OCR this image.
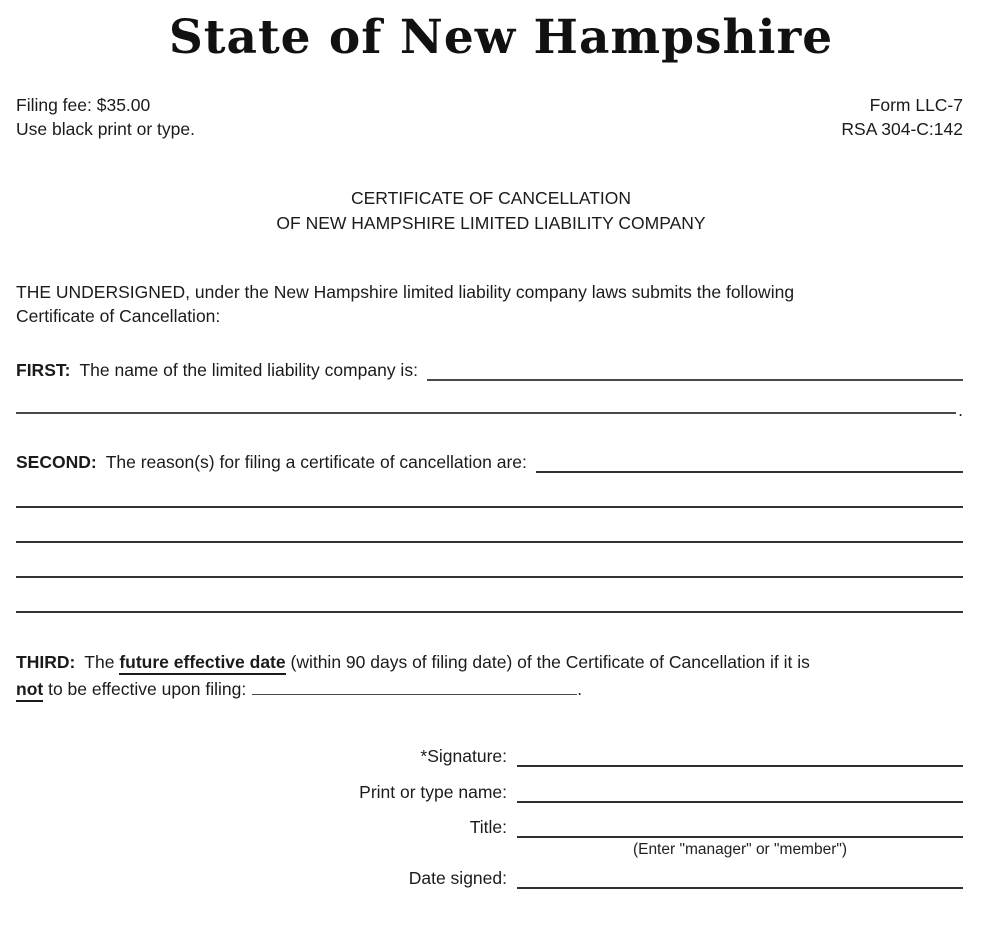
State of New Hampshire
Filing fee: $35.00
Use black print or type.
Form LLC-7
RSA 304-C:142
CERTIFICATE OF CANCELLATION
OF NEW HAMPSHIRE LIMITED LIABILITY COMPANY
THE UNDERSIGNED, under the New Hampshire limited liability company laws submits the following
Certificate of Cancellation:
FIRST: The name of the limited liability company is:
.
SECOND: The reason(s) for filing a certificate of cancellation are:
THIRD: The future effective date (within 90 days of filing date) of the Certificate of Cancellation if it is
not to be effective upon filing:	.
*Signature:
Print or type name:
Title:
(Enter "manager" or "member")
Date signed:
